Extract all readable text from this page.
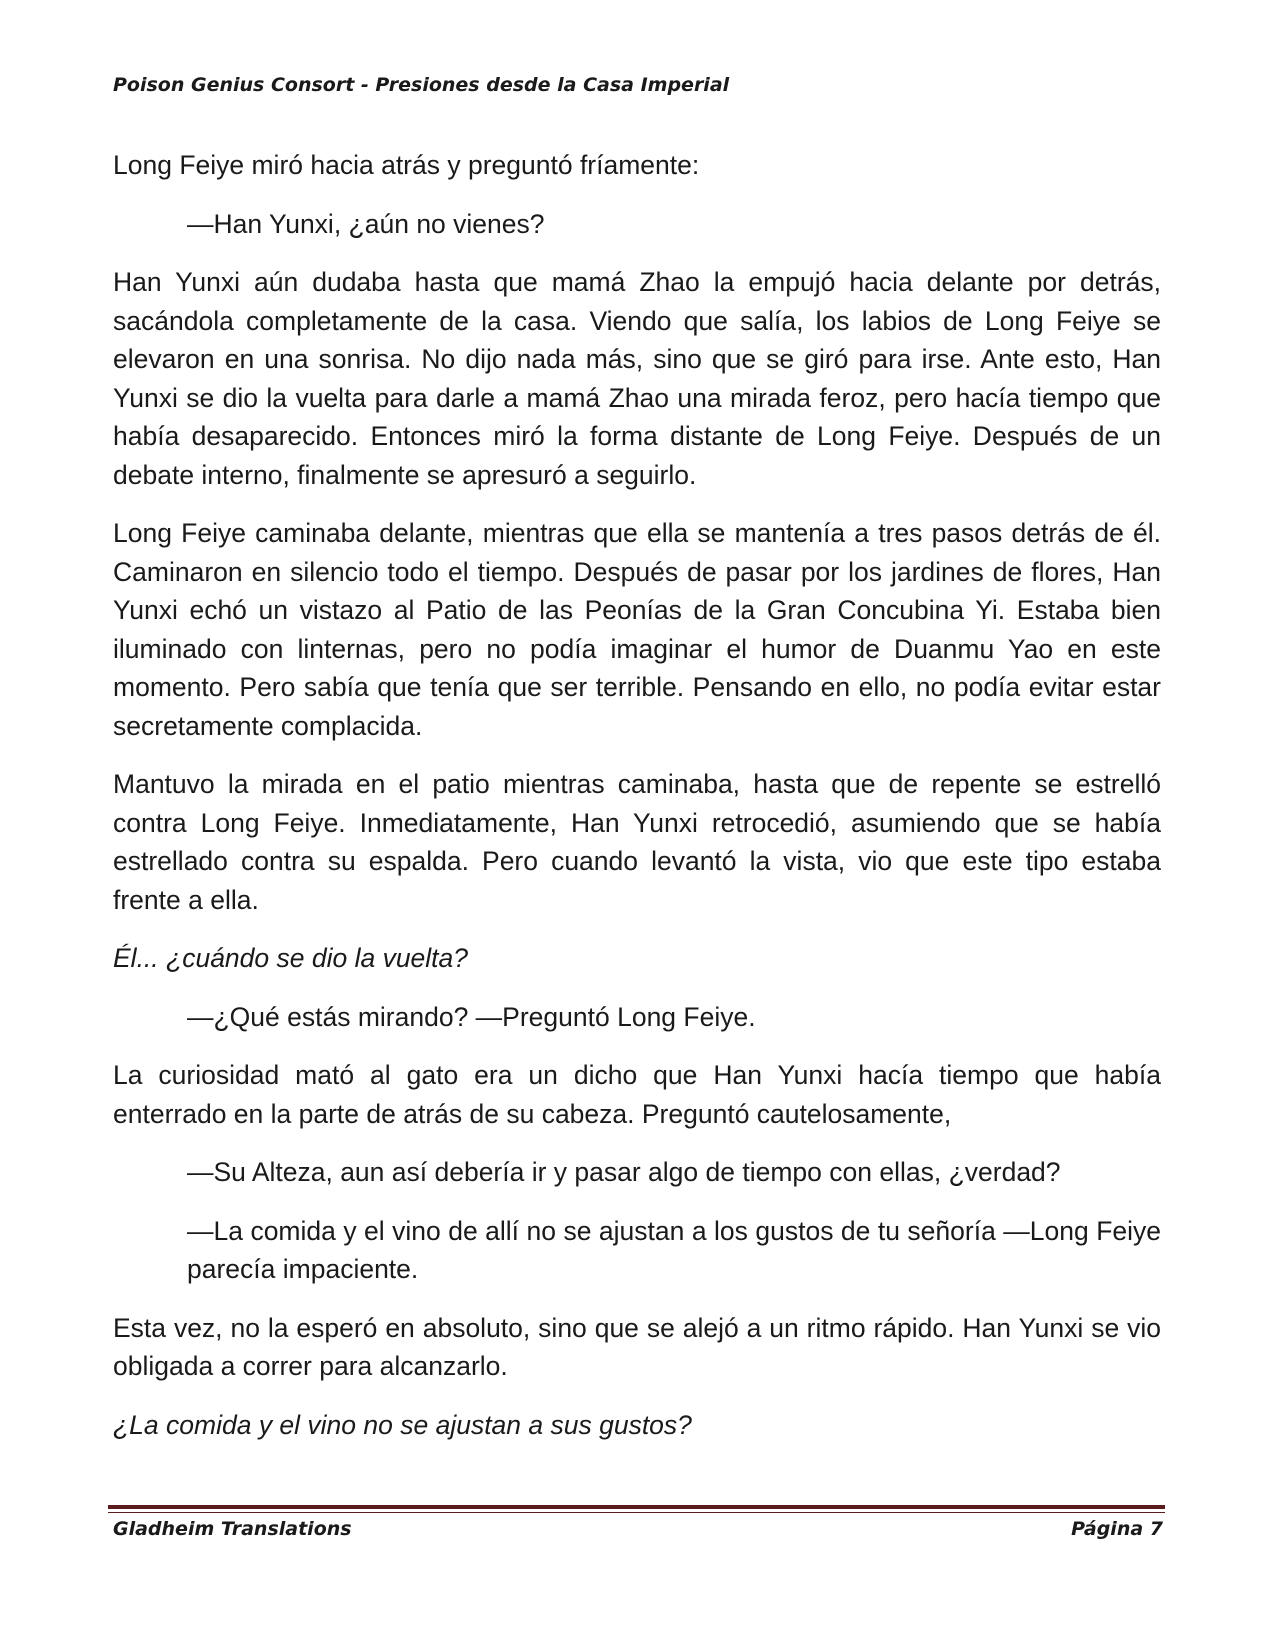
Poison Genius Consort - Presiones desde la Casa Imperial

Long Feiye miró hacia atrás y preguntó fríamente:

—Han Yunxi, ¿aún no vienes?

Han Yunxi aún dudaba hasta que mamá Zhao la empujó hacia delante por detrás, sacándola completamente de la casa. Viendo que salía, los labios de Long Feiye se elevaron en una sonrisa. No dijo nada más, sino que se giró para irse. Ante esto, Han Yunxi se dio la vuelta para darle a mamá Zhao una mirada feroz, pero hacía tiempo que había desaparecido. Entonces miró la forma distante de Long Feiye. Después de un debate interno, finalmente se apresuró a seguirlo.

Long Feiye caminaba delante, mientras que ella se mantenía a tres pasos detrás de él. Caminaron en silencio todo el tiempo. Después de pasar por los jardines de flores, Han Yunxi echó un vistazo al Patio de las Peonías de la Gran Concubina Yi. Estaba bien iluminado con linternas, pero no podía imaginar el humor de Duanmu Yao en este momento. Pero sabía que tenía que ser terrible. Pensando en ello, no podía evitar estar secretamente complacida.

Mantuvo la mirada en el patio mientras caminaba, hasta que de repente se estrelló contra Long Feiye. Inmediatamente, Han Yunxi retrocedió, asumiendo que se había estrellado contra su espalda. Pero cuando levantó la vista, vio que este tipo estaba frente a ella.

Él... ¿cuándo se dio la vuelta?

—¿Qué estás mirando? —Preguntó Long Feiye.

La curiosidad mató al gato era un dicho que Han Yunxi hacía tiempo que había enterrado en la parte de atrás de su cabeza. Preguntó cautelosamente,

—Su Alteza, aun así debería ir y pasar algo de tiempo con ellas, ¿verdad?

—La comida y el vino de allí no se ajustan a los gustos de tu señoría —Long Feiye parecía impaciente.

Esta vez, no la esperó en absoluto, sino que se alejó a un ritmo rápido. Han Yunxi se vio obligada a correr para alcanzarlo.

¿La comida y el vino no se ajustan a sus gustos?

Gladheim Translations	Página 7
